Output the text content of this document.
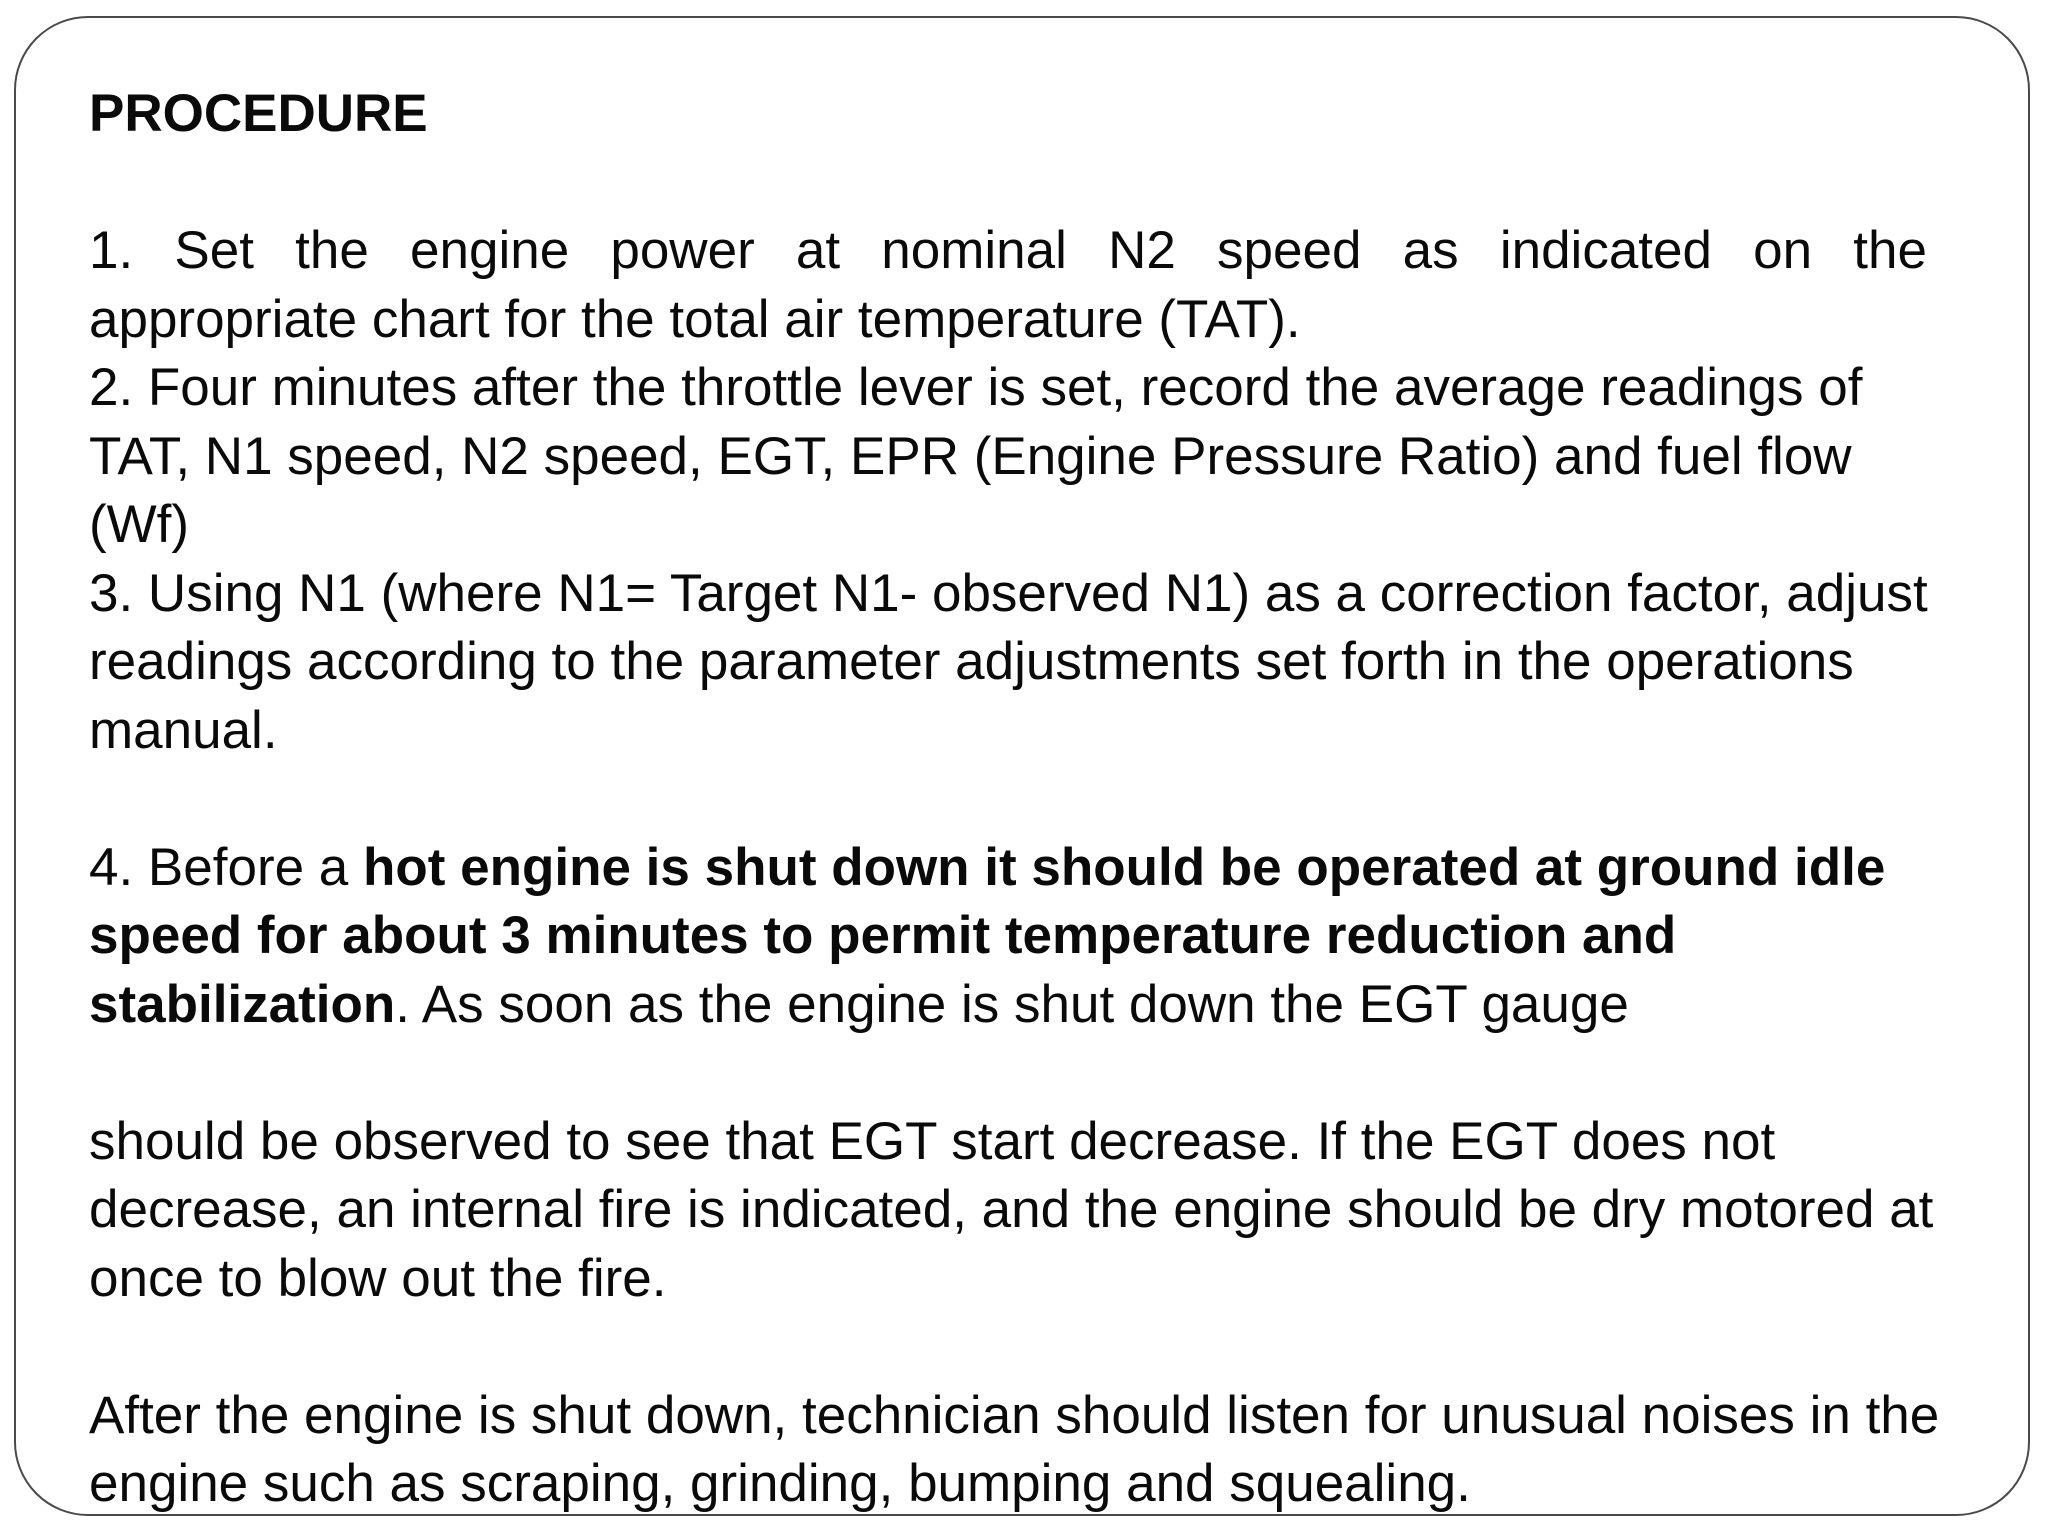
PROCEDURE

1. Set the engine power at nominal N2 speed as indicated on the

appropriate chart for the total air temperature (TAT).

2. Four minutes after the throttle lever is set, record the average readings of TAT, N1 speed, N2 speed, EGT, EPR (Engine Pressure Ratio) and fuel flow (Wf)

3. Using N1 (where N1= Target N1- observed N1) as a correction factor, adjust readings according to the parameter adjustments set forth in the operations manual.

4. Before a hot engine is shut down it should be operated at ground idle speed for about 3 minutes to permit temperature reduction and stabilization. As soon as the engine is shut down the EGT gauge

should be observed to see that EGT start decrease. If the EGT does not decrease, an internal fire is indicated, and the engine should be dry motored at once to blow out the fire.

After the engine is shut down, technician should listen for unusual noises in the engine such as scraping, grinding, bumping and squealing.
